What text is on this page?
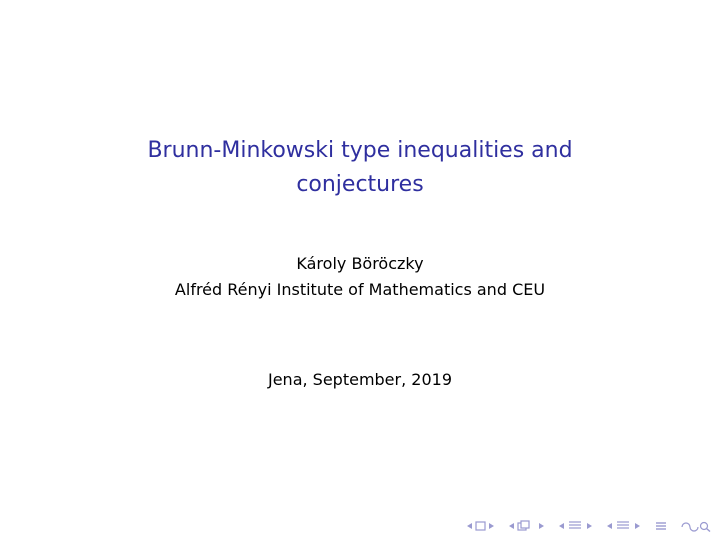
Brunn-Minkowski type inequalities and
conjectures
Károly Böröczky
Alfréd Rényi Institute of Mathematics and CEU
Jena, September, 2019
